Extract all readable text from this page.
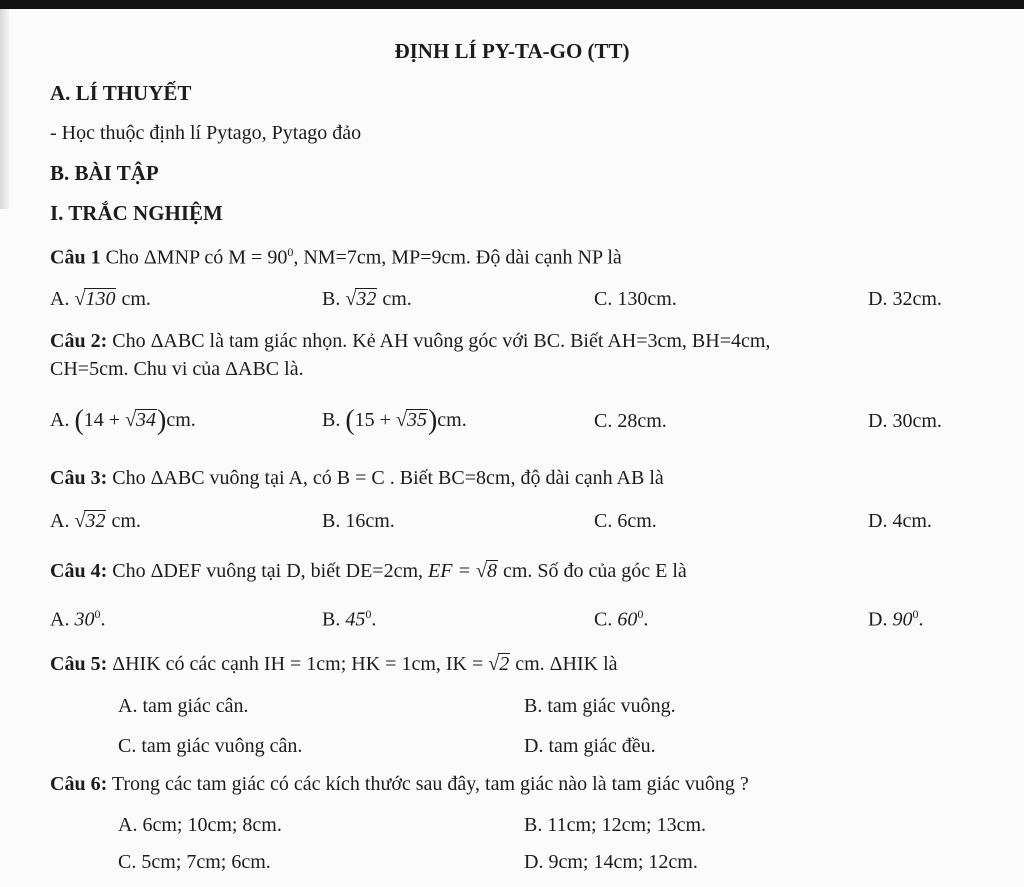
ĐỊNH LÍ PY-TA-GO (TT)
A. LÍ THUYẾT
- Học thuộc định lí Pytago, Pytago đảo
B. BÀI TẬP
I. TRẮC NGHIỆM
Câu 1 Cho ΔMNP có $M = 90^0$, NM=7cm, MP=9cm. Độ dài cạnh NP là
A. √130 cm.	B. √32 cm.	C. 130cm.	D. 32cm.
Câu 2: Cho ΔABC là tam giác nhọn. Kẻ AH vuông góc với BC. Biết AH=3cm, BH=4cm,
CH=5cm. Chu vi của ΔABC là.
A. (14 + √34)cm.	B. (15 + √35)cm.	C. 28cm.	D. 30cm.
Câu 3: Cho ΔABC vuông tại A, có B = C . Biết BC=8cm, độ dài cạnh AB là
A. √32 cm.	B. 16cm.	C. 6cm.	D. 4cm.
Câu 4: Cho ΔDEF vuông tại D, biết DE=2cm, EF = √8 cm. Số đo của góc E là
A. $30^0$.	B. $45^0$.	C. $60^0$.	D. $90^0$.
Câu 5: ΔHIK có các cạnh IH = 1cm; HK = 1cm, IK = √2 cm. ΔHIK là
A. tam giác cân.	B. tam giác vuông.
C. tam giác vuông cân.	D. tam giác đều.
Câu 6: Trong các tam giác có các kích thước sau đây, tam giác nào là tam giác vuông ?
A. 6cm; 10cm; 8cm.	B. 11cm; 12cm; 13cm.
C. 5cm; 7cm; 6cm.	D. 9cm; 14cm; 12cm.
